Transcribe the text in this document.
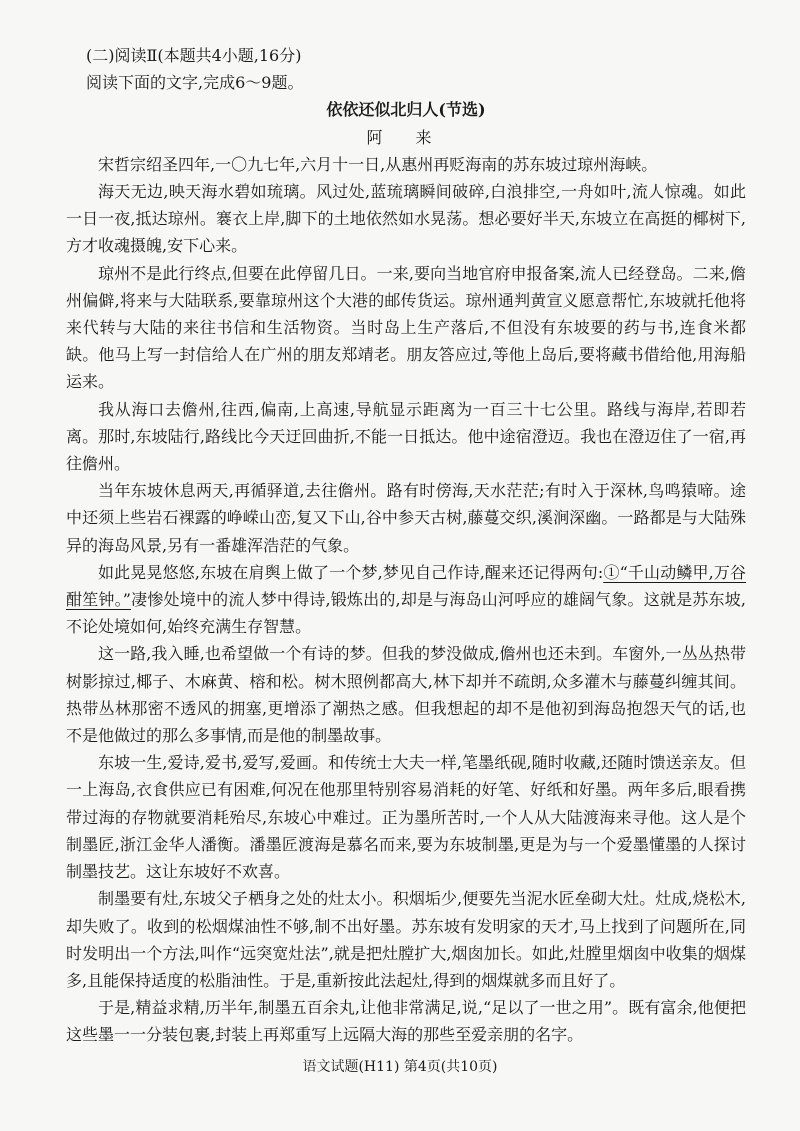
(二)阅读Ⅱ(本题共4小题,16分)

阅读下面的文字,完成6～9题。

依依还似北归人(节选)

阿 来

宋哲宗绍圣四年,一〇九七年,六月十一日,从惠州再贬海南的苏东坡过琼州海峡。

海天无边,映天海水碧如琉璃。风过处,蓝琉璃瞬间破碎,白浪排空,一舟如叶,流人惊魂。如此一日一夜,抵达琼州。褰衣上岸,脚下的土地依然如水晃荡。想必要好半天,东坡立在高挺的椰树下,方才收魂摄魄,安下心来。

琼州不是此行终点,但要在此停留几日。一来,要向当地官府申报备案,流人已经登岛。二来,儋州偏僻,将来与大陆联系,要靠琼州这个大港的邮传货运。琼州通判黄宣义愿意帮忙,东坡就托他将来代转与大陆的来往书信和生活物资。当时岛上生产落后,不但没有东坡要的药与书,连食米都缺。他马上写一封信给人在广州的朋友郑靖老。朋友答应过,等他上岛后,要将藏书借给他,用海船运来。

我从海口去儋州,往西,偏南,上高速,导航显示距离为一百三十七公里。路线与海岸,若即若离。那时,东坡陆行,路线比今天迂回曲折,不能一日抵达。他中途宿澄迈。我也在澄迈住了一宿,再往儋州。

当年东坡休息两天,再循驿道,去往儋州。路有时傍海,天水茫茫;有时入于深林,鸟鸣猿啼。途中还须上些岩石裸露的峥嵘山峦,复又下山,谷中参天古树,藤蔓交织,溪涧深幽。一路都是与大陆殊异的海岛风景,另有一番雄浑浩茫的气象。

如此晃晃悠悠,东坡在肩舆上做了一个梦,梦见自己作诗,醒来还记得两句:①“千山动鳞甲,万谷酣笙钟。”凄惨处境中的流人梦中得诗,锻炼出的,却是与海岛山河呼应的雄阔气象。这就是苏东坡,不论处境如何,始终充满生存智慧。

这一路,我入睡,也希望做一个有诗的梦。但我的梦没做成,儋州也还未到。车窗外,一丛丛热带树影掠过,椰子、木麻黄、榕和松。树木照例都高大,林下却并不疏朗,众多灌木与藤蔓纠缠其间。热带丛林那密不透风的拥塞,更增添了潮热之感。但我想起的却不是他初到海岛抱怨天气的话,也不是他做过的那么多事情,而是他的制墨故事。

东坡一生,爱诗,爱书,爱写,爱画。和传统士大夫一样,笔墨纸砚,随时收藏,还随时馈送亲友。但一上海岛,衣食供应已有困难,何况在他那里特别容易消耗的好笔、好纸和好墨。两年多后,眼看携带过海的存物就要消耗殆尽,东坡心中难过。正为墨所苦时,一个人从大陆渡海来寻他。这人是个制墨匠,浙江金华人潘衡。潘墨匠渡海是慕名而来,要为东坡制墨,更是为与一个爱墨懂墨的人探讨制墨技艺。这让东坡好不欢喜。

制墨要有灶,东坡父子栖身之处的灶太小。积烟垢少,便要先当泥水匠垒砌大灶。灶成,烧松木,却失败了。收到的松烟煤油性不够,制不出好墨。苏东坡有发明家的天才,马上找到了问题所在,同时发明出一个方法,叫作“远突宽灶法”,就是把灶膛扩大,烟囱加长。如此,灶膛里烟囱中收集的烟煤多,且能保持适度的松脂油性。于是,重新按此法起灶,得到的烟煤就多而且好了。

于是,精益求精,历半年,制墨五百余丸,让他非常满足,说,“足以了一世之用”。既有富余,他便把这些墨一一分装包裹,封装上再郑重写上远隔大海的那些至爱亲朋的名字。

语文试题(H11) 第4页(共10页)
